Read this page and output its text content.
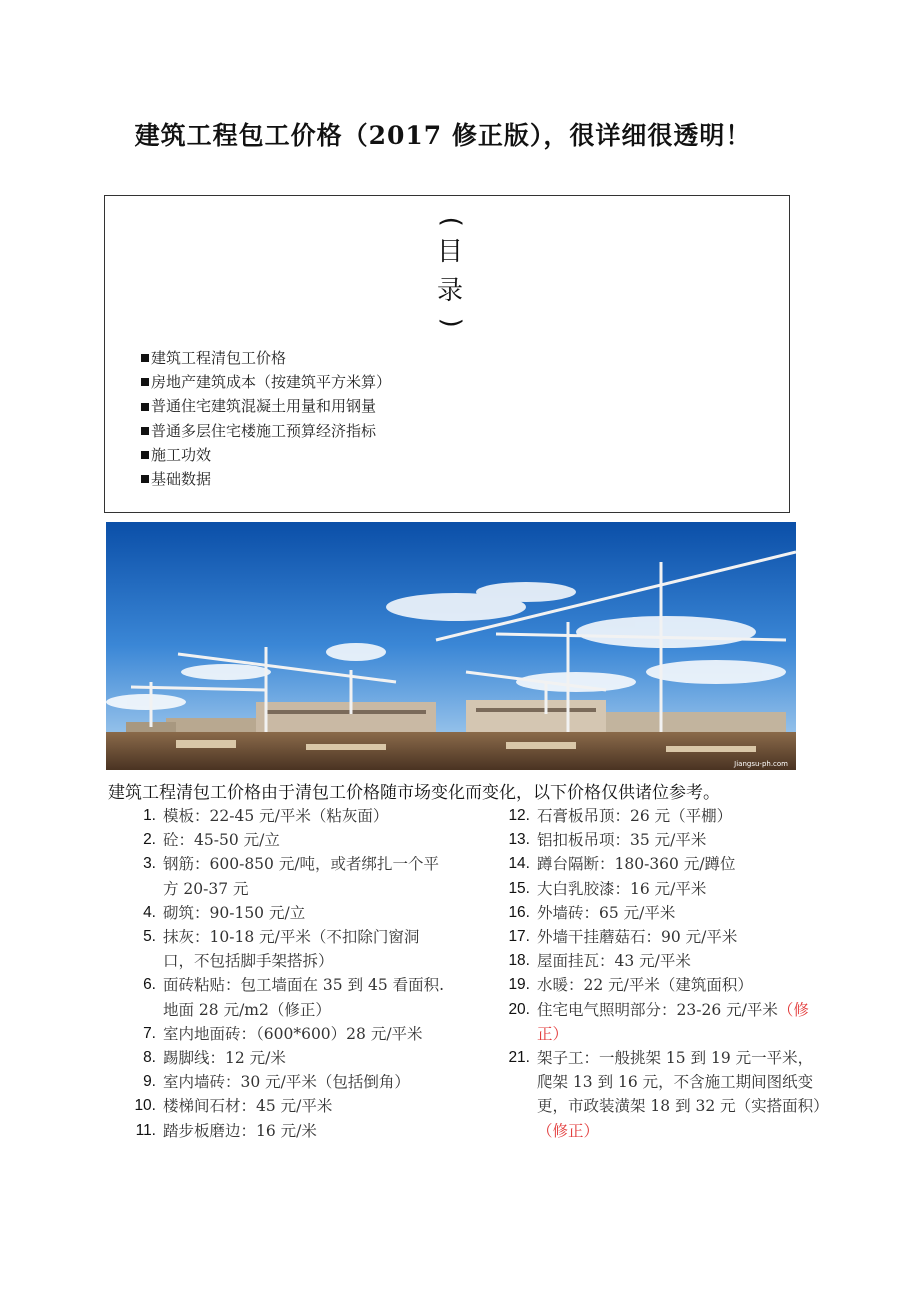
建筑工程包工价格（2017 修正版），很详细很透明！
(
目
录
)
建筑工程清包工价格
房地产建筑成本（按建筑平方米算）
普通住宅建筑混凝土用量和用钢量
普通多层住宅楼施工预算经济指标
施工功效
基础数据
Jiangsu-ph.com
建筑工程清包工价格由于清包工价格随市场变化而变化，以下价格仅供诸位参考。
1. 模板：22-45 元/平米（粘灰面）
2. 砼：45-50 元/立
3. 钢筋：600-850 元/吨，或者绑扎一个平方 20-37 元
4. 砌筑：90-150 元/立
5. 抹灰：10-18 元/平米（不扣除门窗洞口，不包括脚手架搭拆）
6. 面砖粘贴：包工墙面在 35 到 45 看面积.地面 28 元/m2（修正）
7. 室内地面砖：（600*600）28 元/平米
8. 踢脚线：12 元/米
9. 室内墙砖：30 元/平米（包括倒角）
10. 楼梯间石材：45 元/平米
11. 踏步板磨边：16 元/米
12. 石膏板吊顶：26 元（平棚）
13. 铝扣板吊项：35 元/平米
14. 蹲台隔断：180-360 元/蹲位
15. 大白乳胶漆：16 元/平米
16. 外墙砖：65 元/平米
17. 外墙干挂蘑菇石：90 元/平米
18. 屋面挂瓦：43 元/平米
19. 水暖：22 元/平米（建筑面积）
20. 住宅电气照明部分：23-26 元/平米（修正）
21. 架子工：一般挑架 15 到 19 元一平米，爬架 13 到 16 元，不含施工期间图纸变更，市政装潢架 18 到 32 元（实搭面积）（修正）
